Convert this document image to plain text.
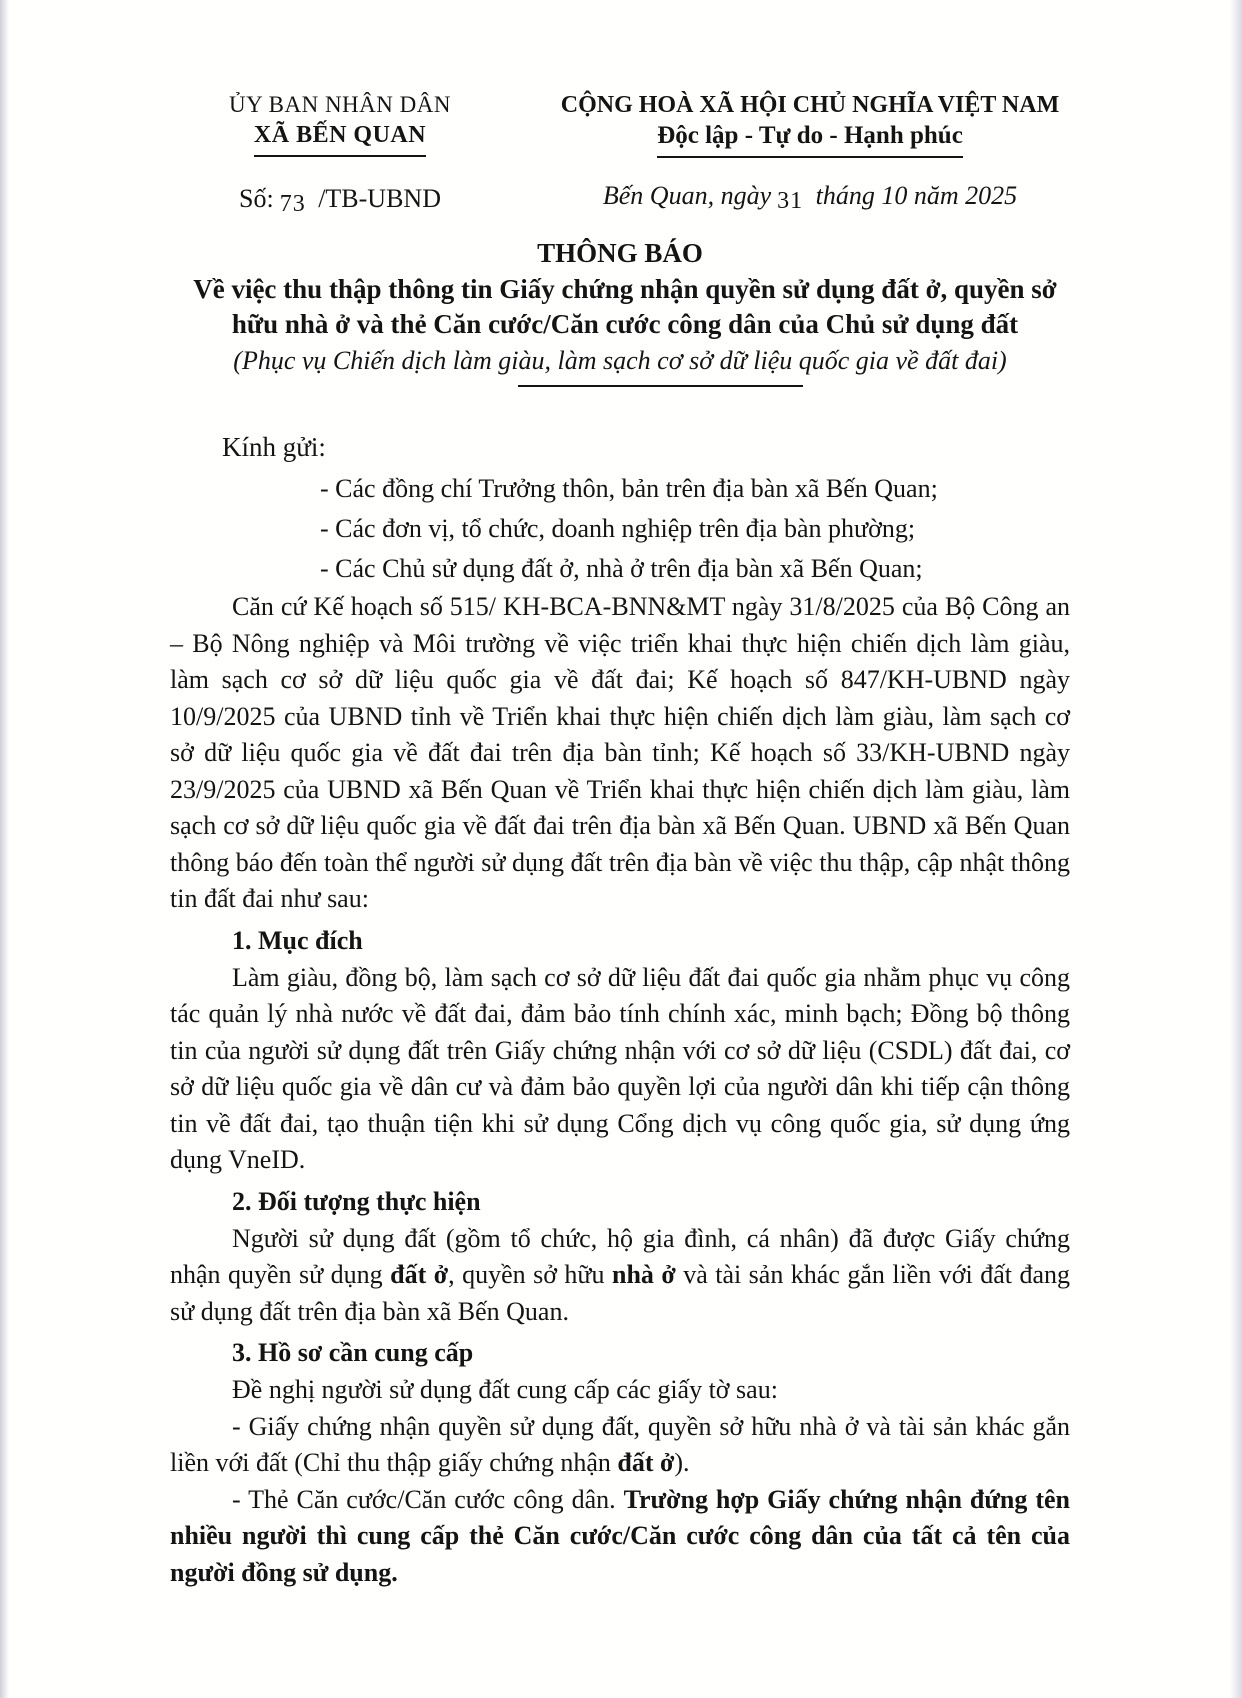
ỦY BAN NHÂN DÂN
XÃ BẾN QUAN
Số: 73 /TB-UBND
CỘNG HOÀ XÃ HỘI CHỦ NGHĨA VIỆT NAM
Độc lập - Tự do - Hạnh phúc
Bến Quan, ngày 31 tháng 10 năm 2025
THÔNG BÁO
Về việc thu thập thông tin Giấy chứng nhận quyền sử dụng đất ở, quyền sở hữu nhà ở và thẻ Căn cước/Căn cước công dân của Chủ sử dụng đất
(Phục vụ Chiến dịch làm giàu, làm sạch cơ sở dữ liệu quốc gia về đất đai)
Kính gửi:
- Các đồng chí Trưởng thôn, bản trên địa bàn xã Bến Quan;
- Các đơn vị, tổ chức, doanh nghiệp trên địa bàn phường;
- Các Chủ sử dụng đất ở, nhà ở trên địa bàn xã Bến Quan;

Căn cứ Kế hoạch số 515/ KH-BCA-BNN&MT ngày 31/8/2025 của Bộ Công an – Bộ Nông nghiệp và Môi trường về việc triển khai thực hiện chiến dịch làm giàu, làm sạch cơ sở dữ liệu quốc gia về đất đai; Kế hoạch số 847/KH-UBND ngày 10/9/2025 của UBND tỉnh về Triển khai thực hiện chiến dịch làm giàu, làm sạch cơ sở dữ liệu quốc gia về đất đai trên địa bàn tỉnh; Kế hoạch số 33/KH-UBND ngày 23/9/2025 của UBND xã Bến Quan về Triển khai thực hiện chiến dịch làm giàu, làm sạch cơ sở dữ liệu quốc gia về đất đai trên địa bàn xã Bến Quan. UBND xã Bến Quan thông báo đến toàn thể người sử dụng đất trên địa bàn về việc thu thập, cập nhật thông tin đất đai như sau:

1. Mục đích

Làm giàu, đồng bộ, làm sạch cơ sở dữ liệu đất đai quốc gia nhằm phục vụ công tác quản lý nhà nước về đất đai, đảm bảo tính chính xác, minh bạch; Đồng bộ thông tin của người sử dụng đất trên Giấy chứng nhận với cơ sở dữ liệu (CSDL) đất đai, cơ sở dữ liệu quốc gia về dân cư và đảm bảo quyền lợi của người dân khi tiếp cận thông tin về đất đai, tạo thuận tiện khi sử dụng Cổng dịch vụ công quốc gia, sử dụng ứng dụng VneID.

2. Đối tượng thực hiện

Người sử dụng đất (gồm tổ chức, hộ gia đình, cá nhân) đã được Giấy chứng nhận quyền sử dụng đất ở, quyền sở hữu nhà ở và tài sản khác gắn liền với đất đang sử dụng đất trên địa bàn xã Bến Quan.

3. Hồ sơ cần cung cấp

Đề nghị người sử dụng đất cung cấp các giấy tờ sau:

- Giấy chứng nhận quyền sử dụng đất, quyền sở hữu nhà ở và tài sản khác gắn liền với đất (Chỉ thu thập giấy chứng nhận đất ở).

- Thẻ Căn cước/Căn cước công dân. Trường hợp Giấy chứng nhận đứng tên nhiều người thì cung cấp thẻ Căn cước/Căn cước công dân của tất cả tên của người đồng sử dụng.
